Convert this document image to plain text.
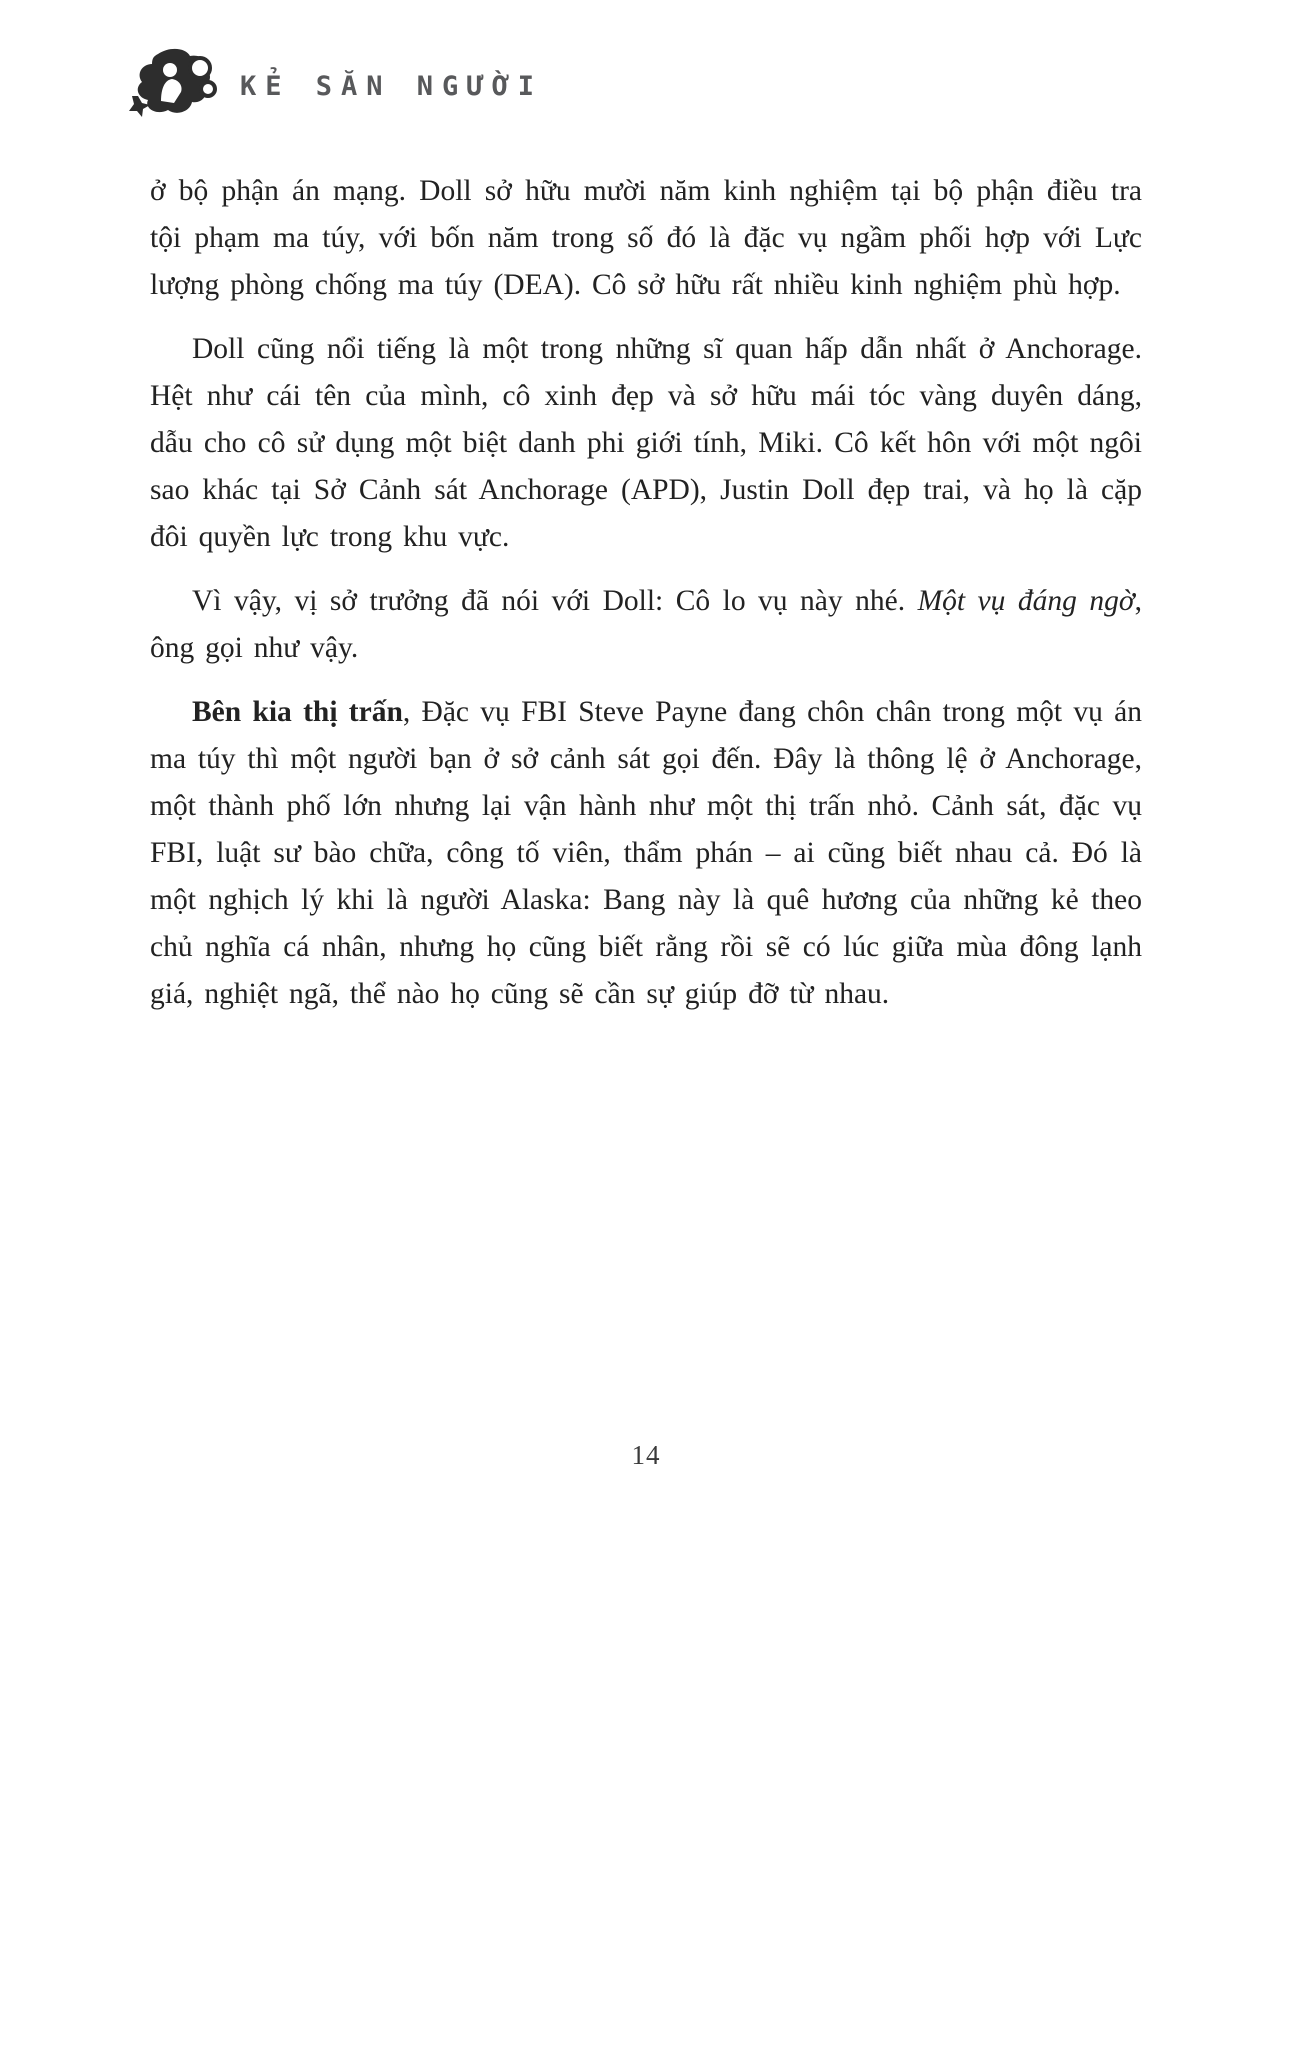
KẺ SĂN NGƯỜI

ở bộ phận án mạng. Doll sở hữu mười năm kinh nghiệm tại bộ phận điều tra tội phạm ma túy, với bốn năm trong số đó là đặc vụ ngầm phối hợp với Lực lượng phòng chống ma túy (DEA). Cô sở hữu rất nhiều kinh nghiệm phù hợp.

Doll cũng nổi tiếng là một trong những sĩ quan hấp dẫn nhất ở Anchorage. Hệt như cái tên của mình, cô xinh đẹp và sở hữu mái tóc vàng duyên dáng, dẫu cho cô sử dụng một biệt danh phi giới tính, Miki. Cô kết hôn với một ngôi sao khác tại Sở Cảnh sát Anchorage (APD), Justin Doll đẹp trai, và họ là cặp đôi quyền lực trong khu vực.

Vì vậy, vị sở trưởng đã nói với Doll: Cô lo vụ này nhé. Một vụ đáng ngờ, ông gọi như vậy.

Bên kia thị trấn, Đặc vụ FBI Steve Payne đang chôn chân trong một vụ án ma túy thì một người bạn ở sở cảnh sát gọi đến. Đây là thông lệ ở Anchorage, một thành phố lớn nhưng lại vận hành như một thị trấn nhỏ. Cảnh sát, đặc vụ FBI, luật sư bào chữa, công tố viên, thẩm phán – ai cũng biết nhau cả. Đó là một nghịch lý khi là người Alaska: Bang này là quê hương của những kẻ theo chủ nghĩa cá nhân, nhưng họ cũng biết rằng rồi sẽ có lúc giữa mùa đông lạnh giá, nghiệt ngã, thể nào họ cũng sẽ cần sự giúp đỡ từ nhau.

14
